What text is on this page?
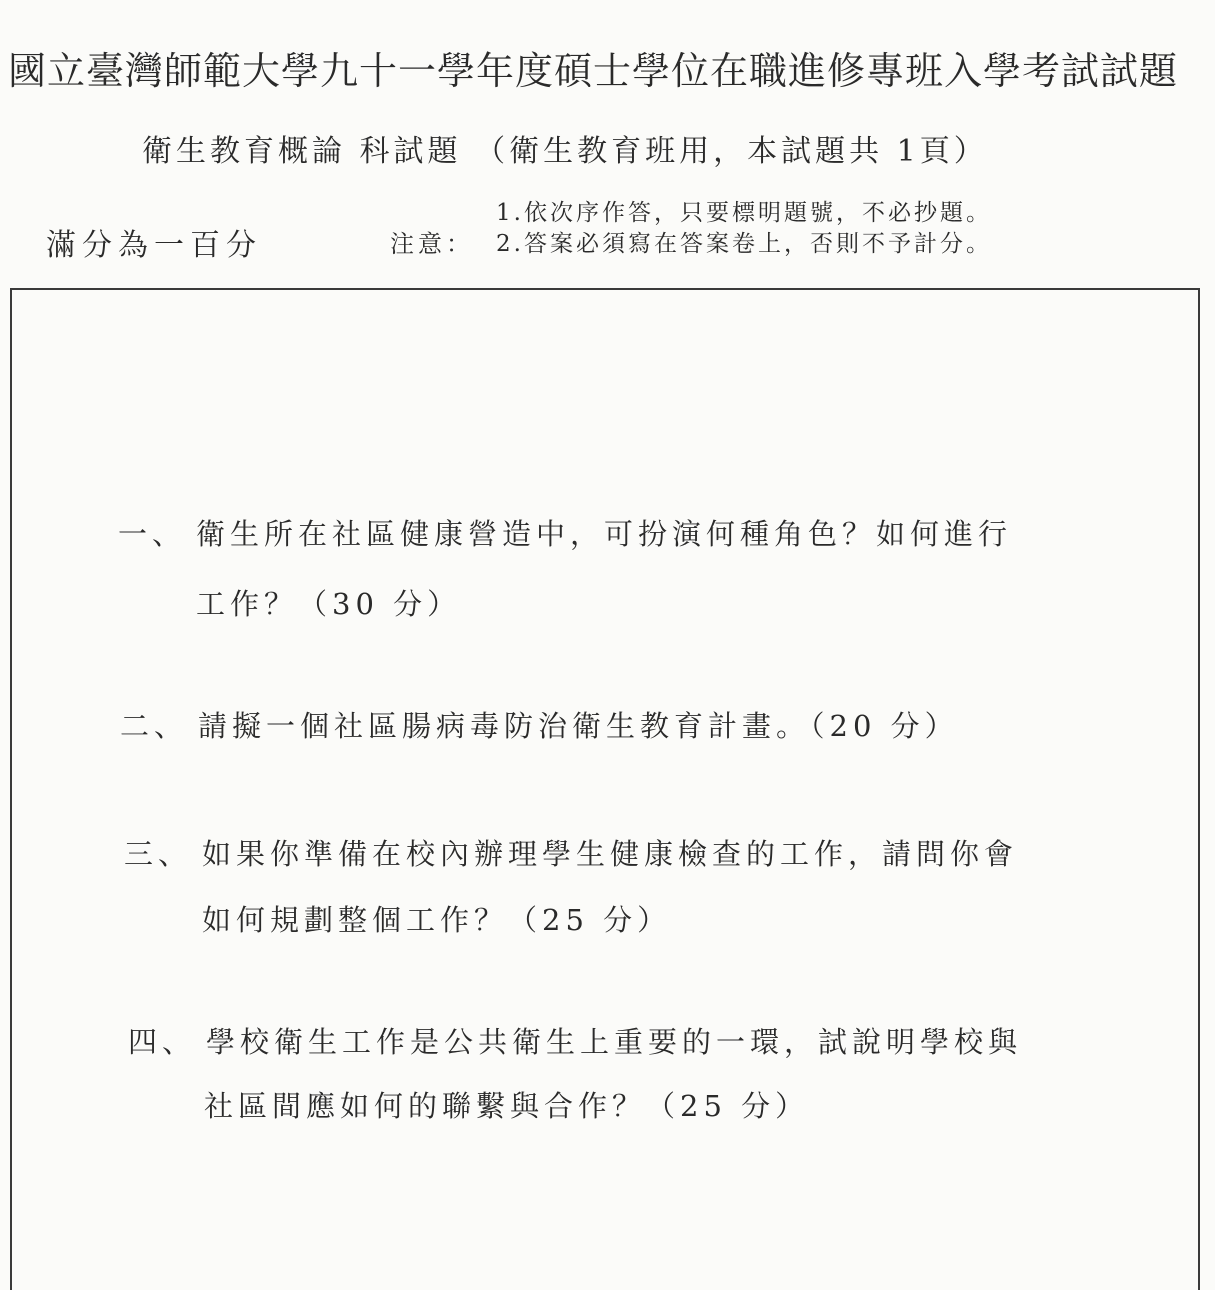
國立臺灣師範大學九十一學年度碩士學位在職進修專班入學考試試題
衛生教育概論 科試題 （衛生教育班用，本試題共 1頁）
滿分為一百分	注意：
1.依次序作答，只要標明題號，不必抄題。
2.答案必須寫在答案卷上，否則不予計分。
一、 衛生所在社區健康營造中，可扮演何種角色？如何進行
工作？（30 分）
二、 請擬一個社區腸病毒防治衛生教育計畫。（20 分）
三、 如果你準備在校內辦理學生健康檢查的工作，請問你會
如何規劃整個工作？（25 分）
四、 學校衛生工作是公共衛生上重要的一環，試說明學校與
社區間應如何的聯繫與合作？（25 分）
